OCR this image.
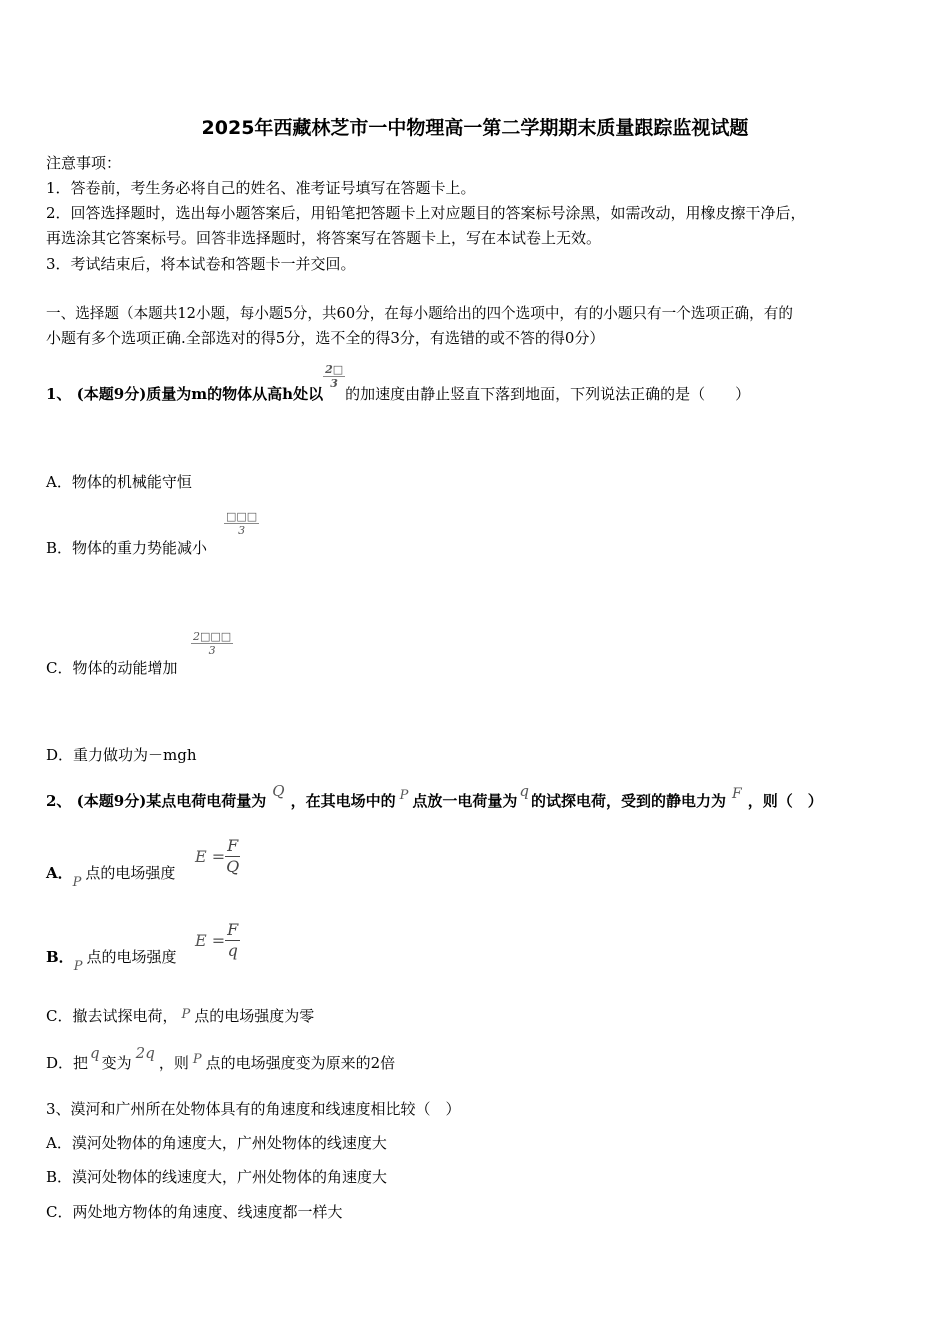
2025年西藏林芝市一中物理高一第二学期期末质量跟踪监视试题
注意事项：
1．答卷前，考生务必将自己的姓名、准考证号填写在答题卡上。
2．回答选择题时，选出每小题答案后，用铅笔把答题卡上对应题目的答案标号涂黑，如需改动，用橡皮擦干净后，
再选涂其它答案标号。回答非选择题时，将答案写在答题卡上，写在本试卷上无效。
3．考试结束后，将本试卷和答题卡一并交回。
一、选择题（本题共12小题，每小题5分，共60分，在每小题给出的四个选项中，有的小题只有一个选项正确，有的
小题有多个选项正确.全部选对的得5分，选不全的得3分，有选错的或不答的得0分）
1、 (本题9分)质量为m的物体从高h处以
$\frac{2□}{3}$
的加速度由静止竖直下落到地面，下列说法正确的是（　　）
A．物体的机械能守恒
B．物体的重力势能减小
$\frac{□□□}{3}$
C．物体的动能增加
$\frac{2□□□}{3}$
D．重力做功为－mgh
2、 (本题9分)某点电荷电荷量为Q，在其电场中的 P 点放一电荷量为q的试探电荷，受到的静电力为 F ，则（　）
A．P点的电场强度
$E = \frac{F}{Q}$
B．P点的电场强度
$E = \frac{F}{q}$
C．撤去试探电荷， P 点的电场强度为零
D．把q变为2q，则 P 点的电场强度变为原来的2倍
3、漠河和广州所在处物体具有的角速度和线速度相比较（　）
A．漠河处物体的角速度大，广州处物体的线速度大
B．漠河处物体的线速度大，广州处物体的角速度大
C．两处地方物体的角速度、线速度都一样大
